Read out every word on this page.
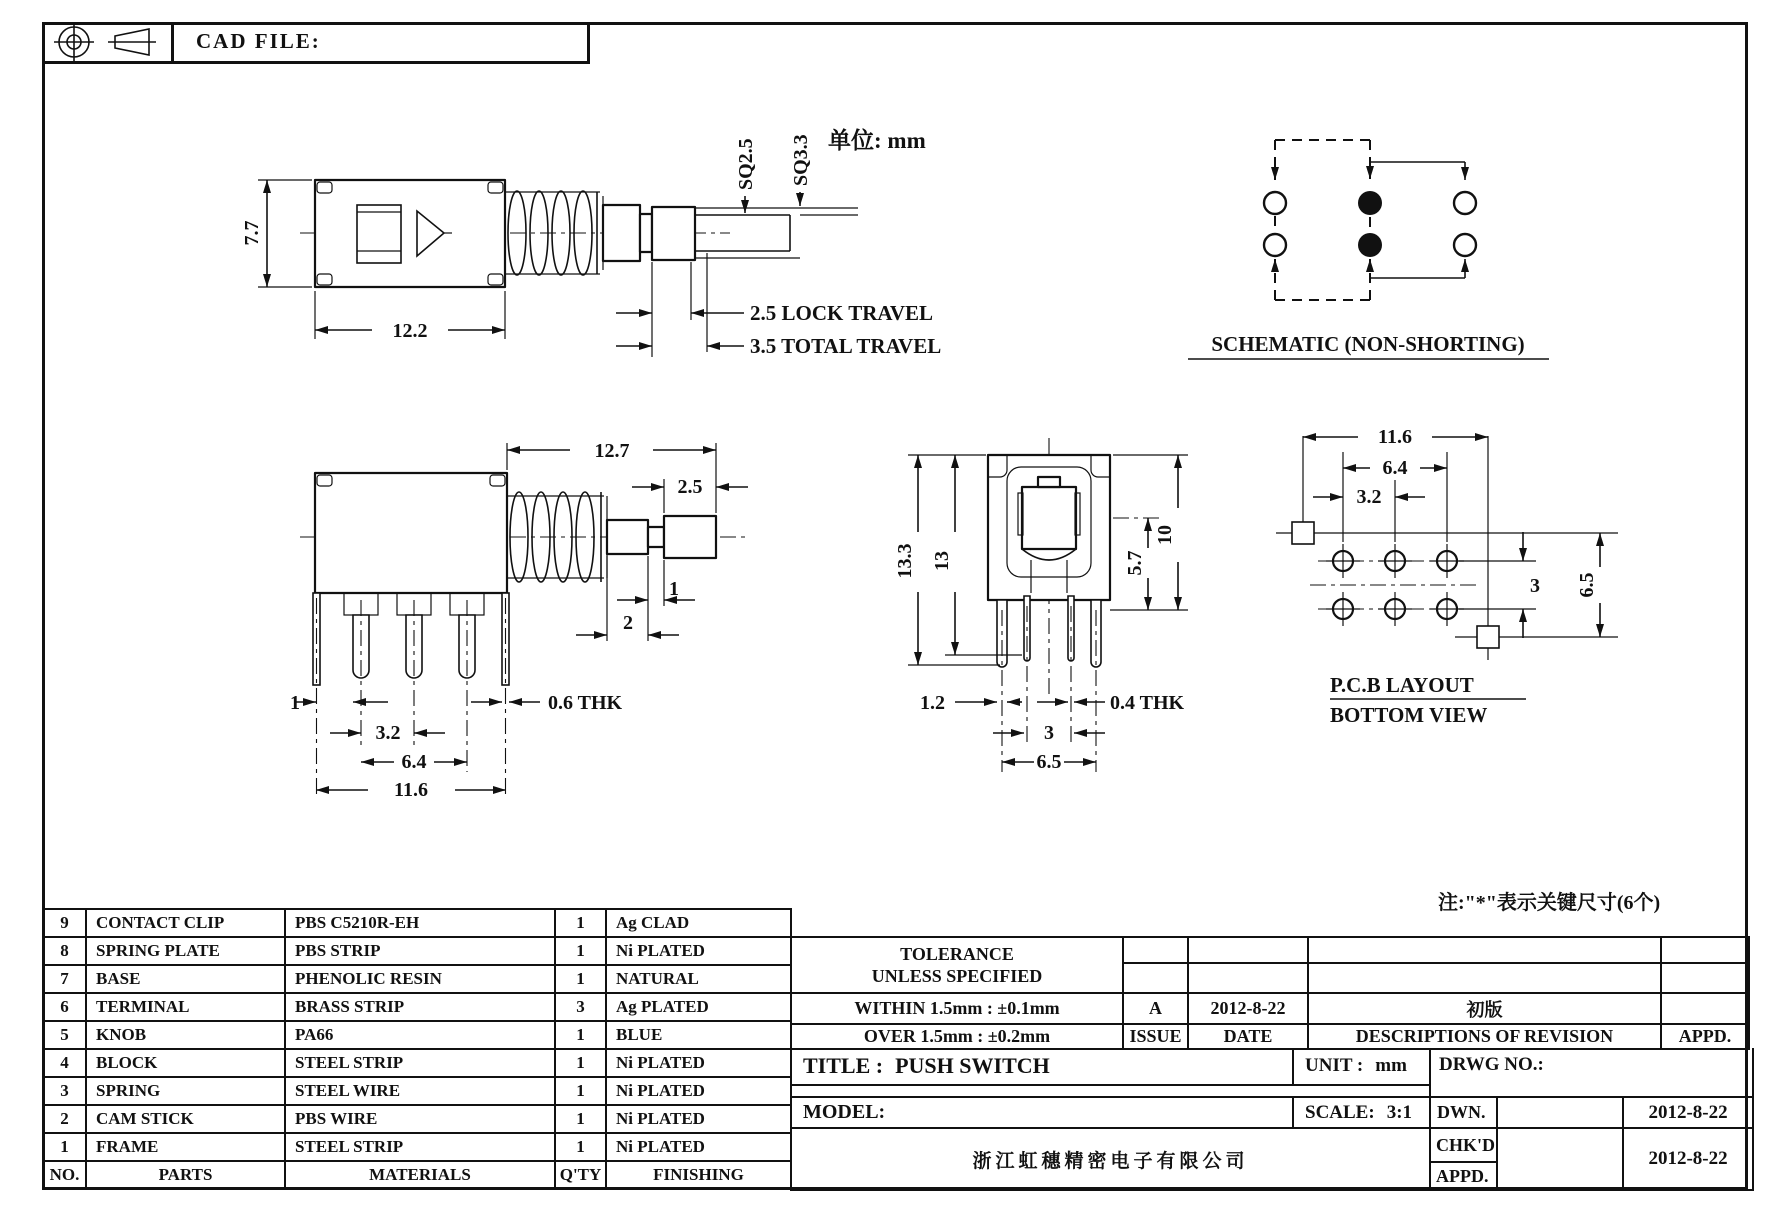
CAD FILE:
7.7
12.2
SQ2.5 SQ3.3
2.5 LOCK TRAVEL
3.5 TOTAL TRAVEL
单位: mm
SCHEMATIC (NON-SHORTING)
12.7
2.5
1
2
1
3.2
6.4
11.6
0.6 THK
13.3 13
10
5.7
1.2
3
6.5
0.4 THK
11.6
6.4
3.2
3 6.5
P.C.B LAYOUT
BOTTOM VIEW
注:"*"表示关键尺寸(6个)
9	CONTACT CLIP	PBS C5210R-EH	1	Ag CLAD
8	SPRING PLATE	PBS STRIP	1	Ni PLATED
7	BASE	PHENOLIC RESIN	1	NATURAL
6	TERMINAL	BRASS STRIP	3	Ag PLATED
5	KNOB	PA66	1	BLUE
4	BLOCK	STEEL STRIP	1	Ni PLATED
3	SPRING	STEEL WIRE	1	Ni PLATED
2	CAM STICK	PBS WIRE	1	Ni PLATED
1	FRAME	STEEL STRIP	1	Ni PLATED
NO.	PARTS	MATERIALS	Q'TY	FINISHING
TOLERANCE
UNLESS SPECIFIED				

WITHIN 1.5mm : ±0.1mm	A	2012-8-22	初版	
OVER 1.5mm : ±0.2mm	ISSUE	DATE	DESCRIPTIONS OF REVISION	APPD.
TITLE : PUSH SWITCH	UNIT : mm	DRWG NO.:		

MODEL:	SCALE: 3:1	DWN.		2012-8-22

浙江虹穗精密电子有限公司		CHK'D		2012-8-22
		APPD.		
